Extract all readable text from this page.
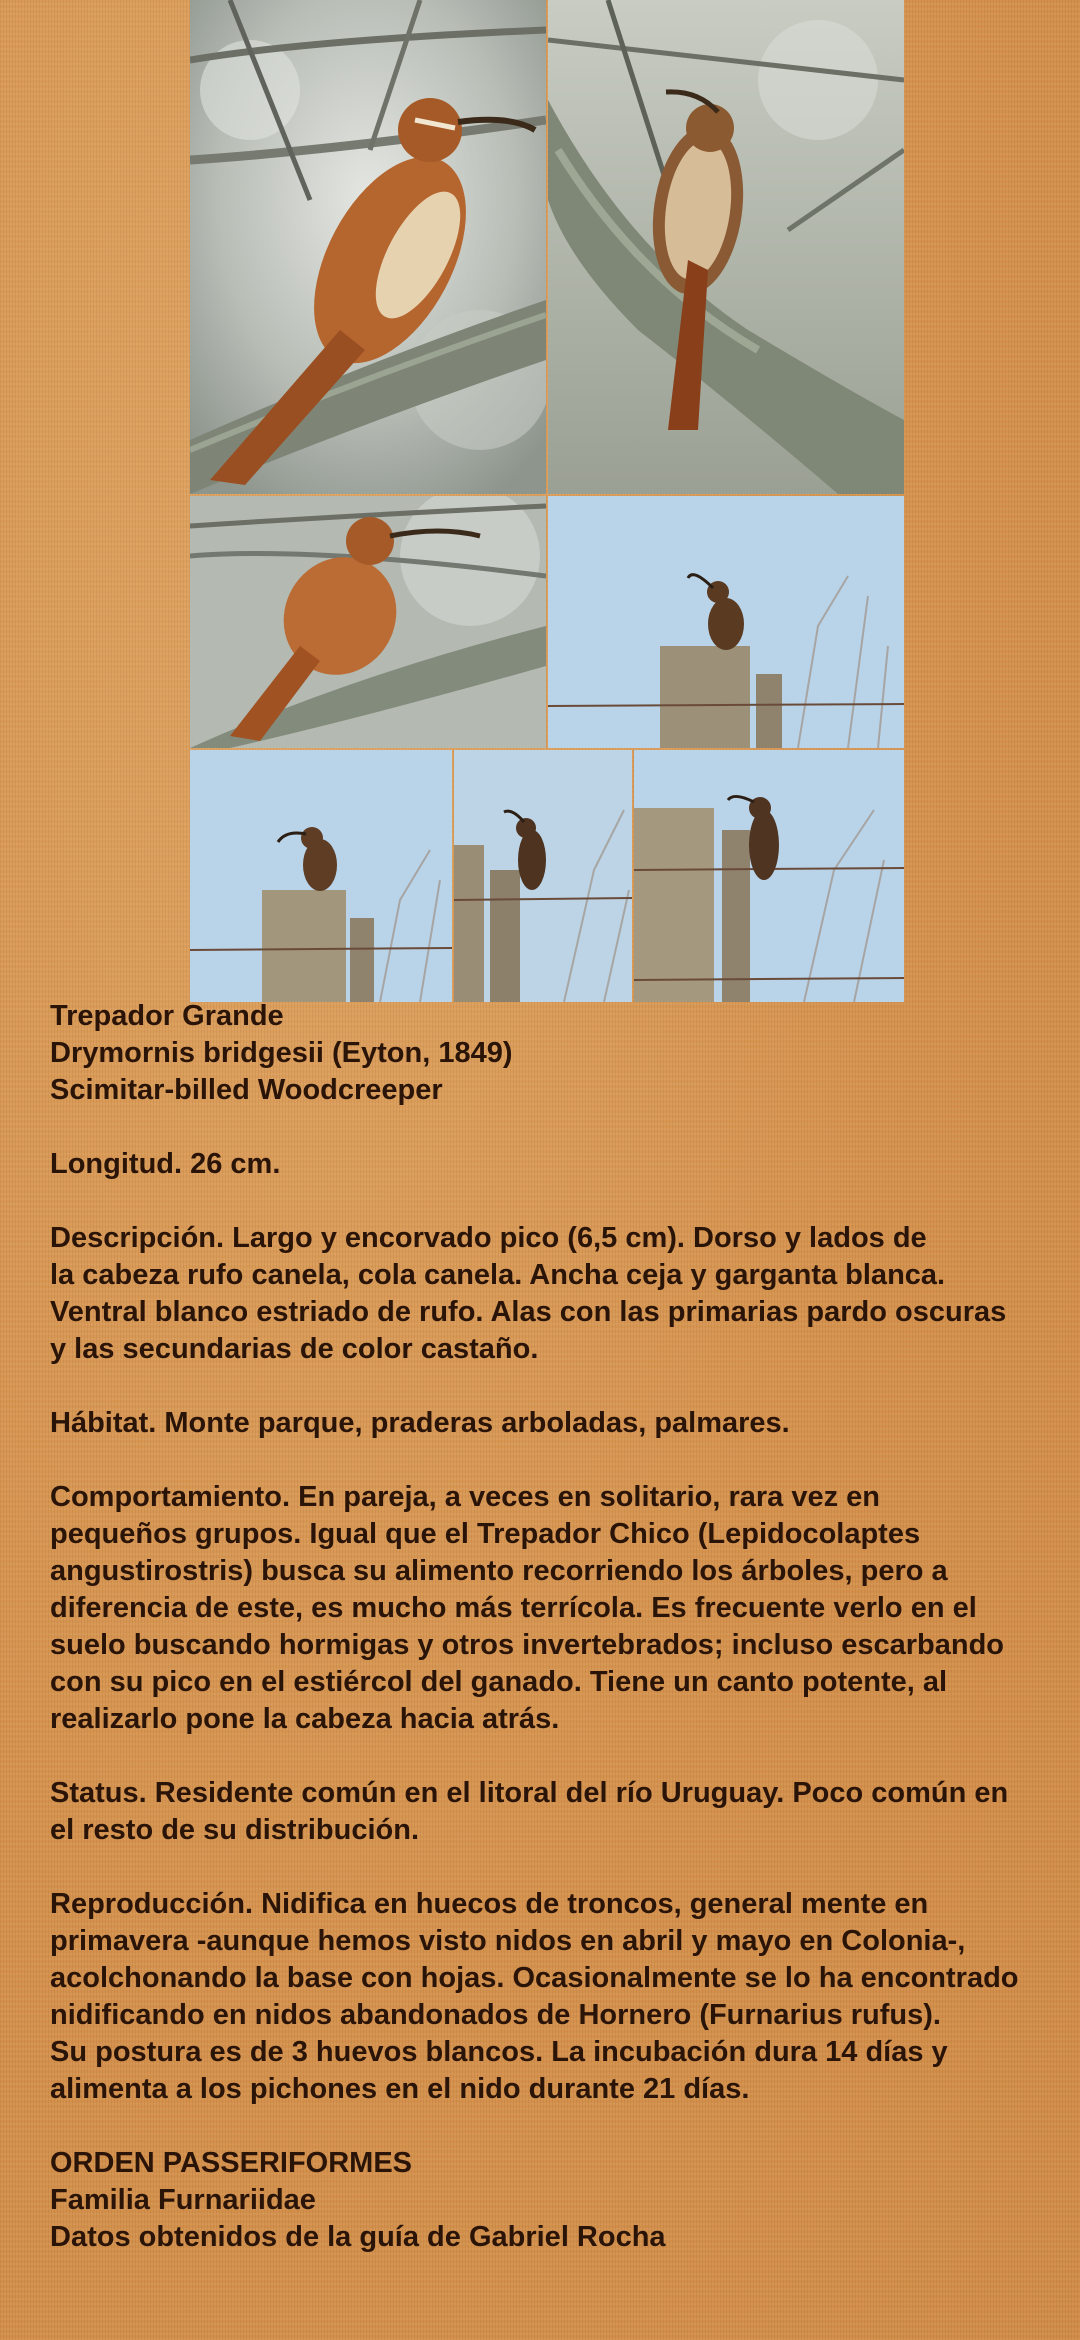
Trepador Grande
Drymornis bridgesii (Eyton, 1849)
Scimitar-billed Woodcreeper

Longitud. 26 cm.

Descripción. Largo y encorvado pico (6,5 cm). Dorso y lados de
la cabeza rufo canela, cola canela. Ancha ceja y garganta blanca.
Ventral blanco estriado de rufo. Alas con las primarias pardo oscuras
y las secundarias de color castaño.

Hábitat. Monte parque, praderas arboladas, palmares.

Comportamiento. En pareja, a veces en solitario, rara vez en
pequeños grupos. Igual que el Trepador Chico (Lepidocolaptes
angustirostris) busca su alimento recorriendo los árboles, pero a
diferencia de este, es mucho más terrícola. Es frecuente verlo en el
suelo buscando hormigas y otros invertebrados; incluso escarbando
con su pico en el estiércol del ganado. Tiene un canto potente, al
realizarlo pone la cabeza hacia atrás.

Status. Residente común en el litoral del río Uruguay. Poco común en
el resto de su distribución.

Reproducción. Nidifica en huecos de troncos, general mente en
primavera -aunque hemos visto nidos en abril y mayo en Colonia-,
acolchonando la base con hojas. Ocasionalmente se lo ha encontrado
nidificando en nidos abandonados de Hornero (Furnarius rufus).
Su postura es de 3 huevos blancos. La incubación dura 14 días y
alimenta a los pichones en el nido durante 21 días.

ORDEN PASSERIFORMES
Familia Furnariidae
Datos obtenidos de la guía de Gabriel Rocha
